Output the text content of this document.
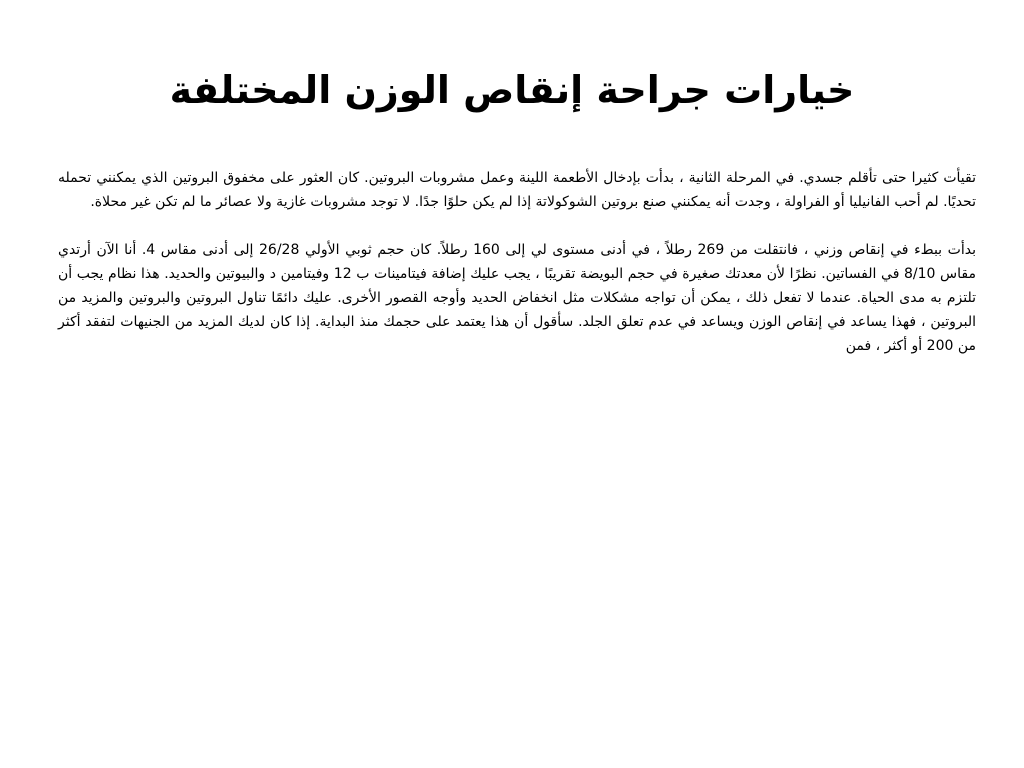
خيارات جراحة إنقاص الوزن المختلفة

تقيأت كثيرا حتى تأقلم جسدي. في المرحلة الثانية ، بدأت بإدخال الأطعمة اللينة وعمل مشروبات البروتين. كان العثور على مخفوق البروتين الذي يمكنني تحمله تحديًا. لم أحب الفانيليا أو الفراولة ، وجدت أنه يمكنني صنع بروتين الشوكولاتة إذا لم يكن حلوًا جدًا. لا توجد مشروبات غازية ولا عصائر ما لم تكن غير محلاة.

بدأت ببطء في إنقاص وزني ، فانتقلت من 269 رطلاً ، في أدنى مستوى لي إلى 160 رطلاً. كان حجم ثوبي الأولي 26/28 إلى أدنى مقاس 4. أنا الآن أرتدي مقاس 8/10 في الفساتين. نظرًا لأن معدتك صغيرة في حجم البويضة تقريبًا ، يجب عليك إضافة فيتامينات ب 12 وفيتامين د والبيوتين والحديد. هذا نظام يجب أن تلتزم به مدى الحياة. عندما لا تفعل ذلك ، يمكن أن تواجه مشكلات مثل انخفاض الحديد وأوجه القصور الأخرى. عليك دائمًا تناول البروتين والبروتين والمزيد من البروتين ، فهذا يساعد في إنقاص الوزن ويساعد في عدم تعلق الجلد. سأقول أن هذا يعتمد على حجمك منذ البداية. إذا كان لديك المزيد من الجنيهات لتفقد أكثر من 200 أو أكثر ، فمن
